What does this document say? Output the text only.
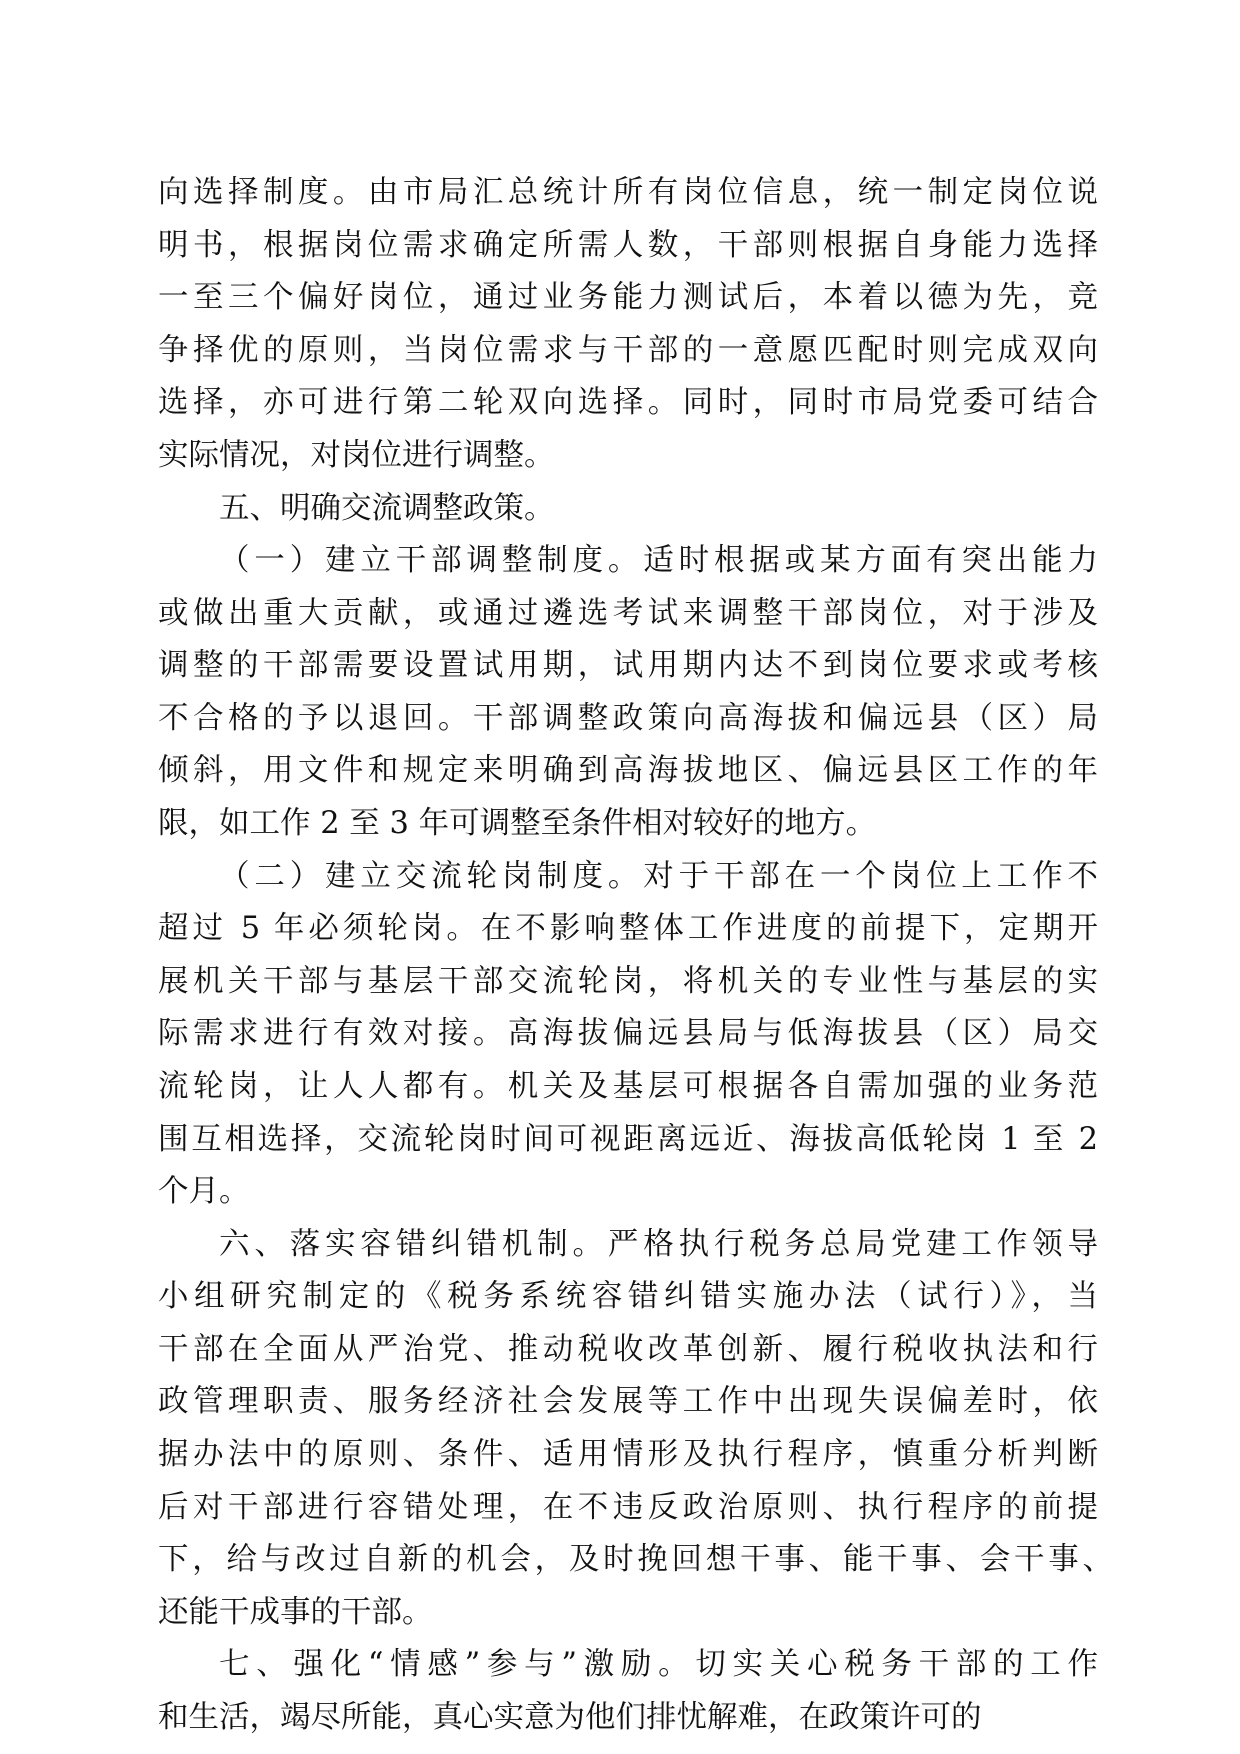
向选择制度。由市局汇总统计所有岗位信息，统一制定岗位说

明书，根据岗位需求确定所需人数，干部则根据自身能力选择

一至三个偏好岗位，通过业务能力测试后，本着以德为先，竞

争择优的原则，当岗位需求与干部的一意愿匹配时则完成双向

选择，亦可进行第二轮双向选择。同时，同时市局党委可结合

实际情况，对岗位进行调整。

五、明确交流调整政策。

（一）建立干部调整制度。适时根据或某方面有突出能力

或做出重大贡献，或通过遴选考试来调整干部岗位，对于涉及

调整的干部需要设置试用期，试用期内达不到岗位要求或考核

不合格的予以退回。干部调整政策向高海拔和偏远县（区）局

倾斜，用文件和规定来明确到高海拔地区、偏远县区工作的年

限，如工作 2 至 3 年可调整至条件相对较好的地方。

（二）建立交流轮岗制度。对于干部在一个岗位上工作不

超过 5 年必须轮岗。在不影响整体工作进度的前提下，定期开

展机关干部与基层干部交流轮岗，将机关的专业性与基层的实

际需求进行有效对接。高海拔偏远县局与低海拔县（区）局交

流轮岗，让人人都有。机关及基层可根据各自需加强的业务范

围互相选择，交流轮岗时间可视距离远近、海拔高低轮岗 1 至 2

个月。

六、落实容错纠错机制。严格执行税务总局党建工作领导

小组研究制定的《税务系统容错纠错实施办法（试行）》，当

干部在全面从严治党、推动税收改革创新、履行税收执法和行

政管理职责、服务经济社会发展等工作中出现失误偏差时，依

据办法中的原则、条件、适用情形及执行程序，慎重分析判断

后对干部进行容错处理，在不违反政治原则、执行程序的前提

下，给与改过自新的机会，及时挽回想干事、能干事、会干事、

还能干成事的干部。

七、强化“情感”参与”激励。切实关心税务干部的工作

和生活，竭尽所能，真心实意为他们排忧解难，在政策许可的
